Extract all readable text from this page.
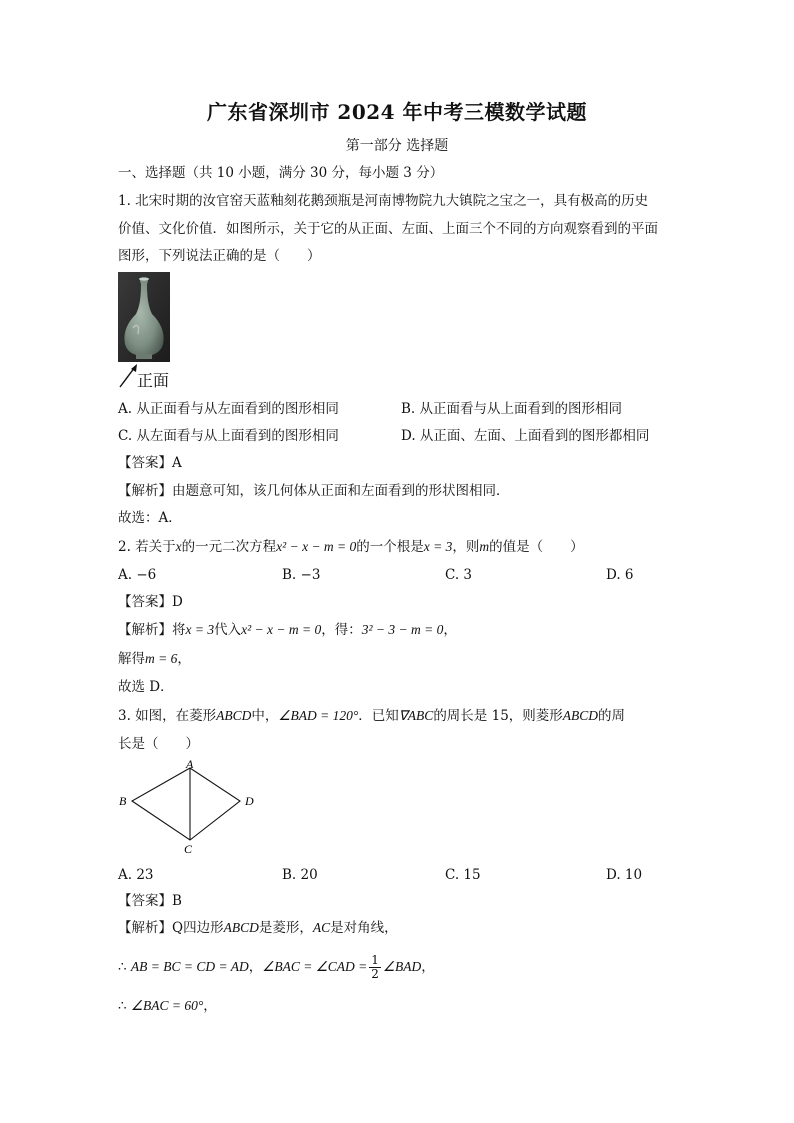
广东省深圳市 2024 年中考三模数学试题
第一部分 选择题
一、选择题（共 10 小题，满分 30 分，每小题 3 分）
1. 北宋时期的汝官窑天蓝釉刻花鹅颈瓶是河南博物院九大镇院之宝之一，具有极高的历史
价值、文化价值．如图所示，关于它的从正面、左面、上面三个不同的方向观察看到的平面
图形，下列说法正确的是（　　）
正面
A. 从正面看与从左面看到的图形相同	B. 从正面看与从上面看到的图形相同
C. 从左面看与从上面看到的图形相同	D. 从正面、左面、上面看到的图形都相同
【答案】A
【解析】由题意可知，该几何体从正面和左面看到的形状图相同．
故选：A．
2. 若关于x的一元二次方程x² − x − m = 0的一个根是x = 3，则m的值是（　　）
A. −6	B. −3	C. 3	D. 6
【答案】D
【解析】将x = 3代入x² − x − m = 0，得：3² − 3 − m = 0，
解得m = 6，
故选 D．
3. 如图，在菱形ABCD中，∠BAD = 120°．已知∇ABC的周长是 15，则菱形ABCD的周
长是（　　）
A
B
C
D
A. 23	B. 20	C. 15	D. 10
【答案】B
【解析】Q四边形ABCD是菱形，AC是对角线，
∴ AB = BC = CD = AD，∠BAC = ∠CAD = $\frac{1}{2}$ ∠BAD，
∴ ∠BAC = 60°，
